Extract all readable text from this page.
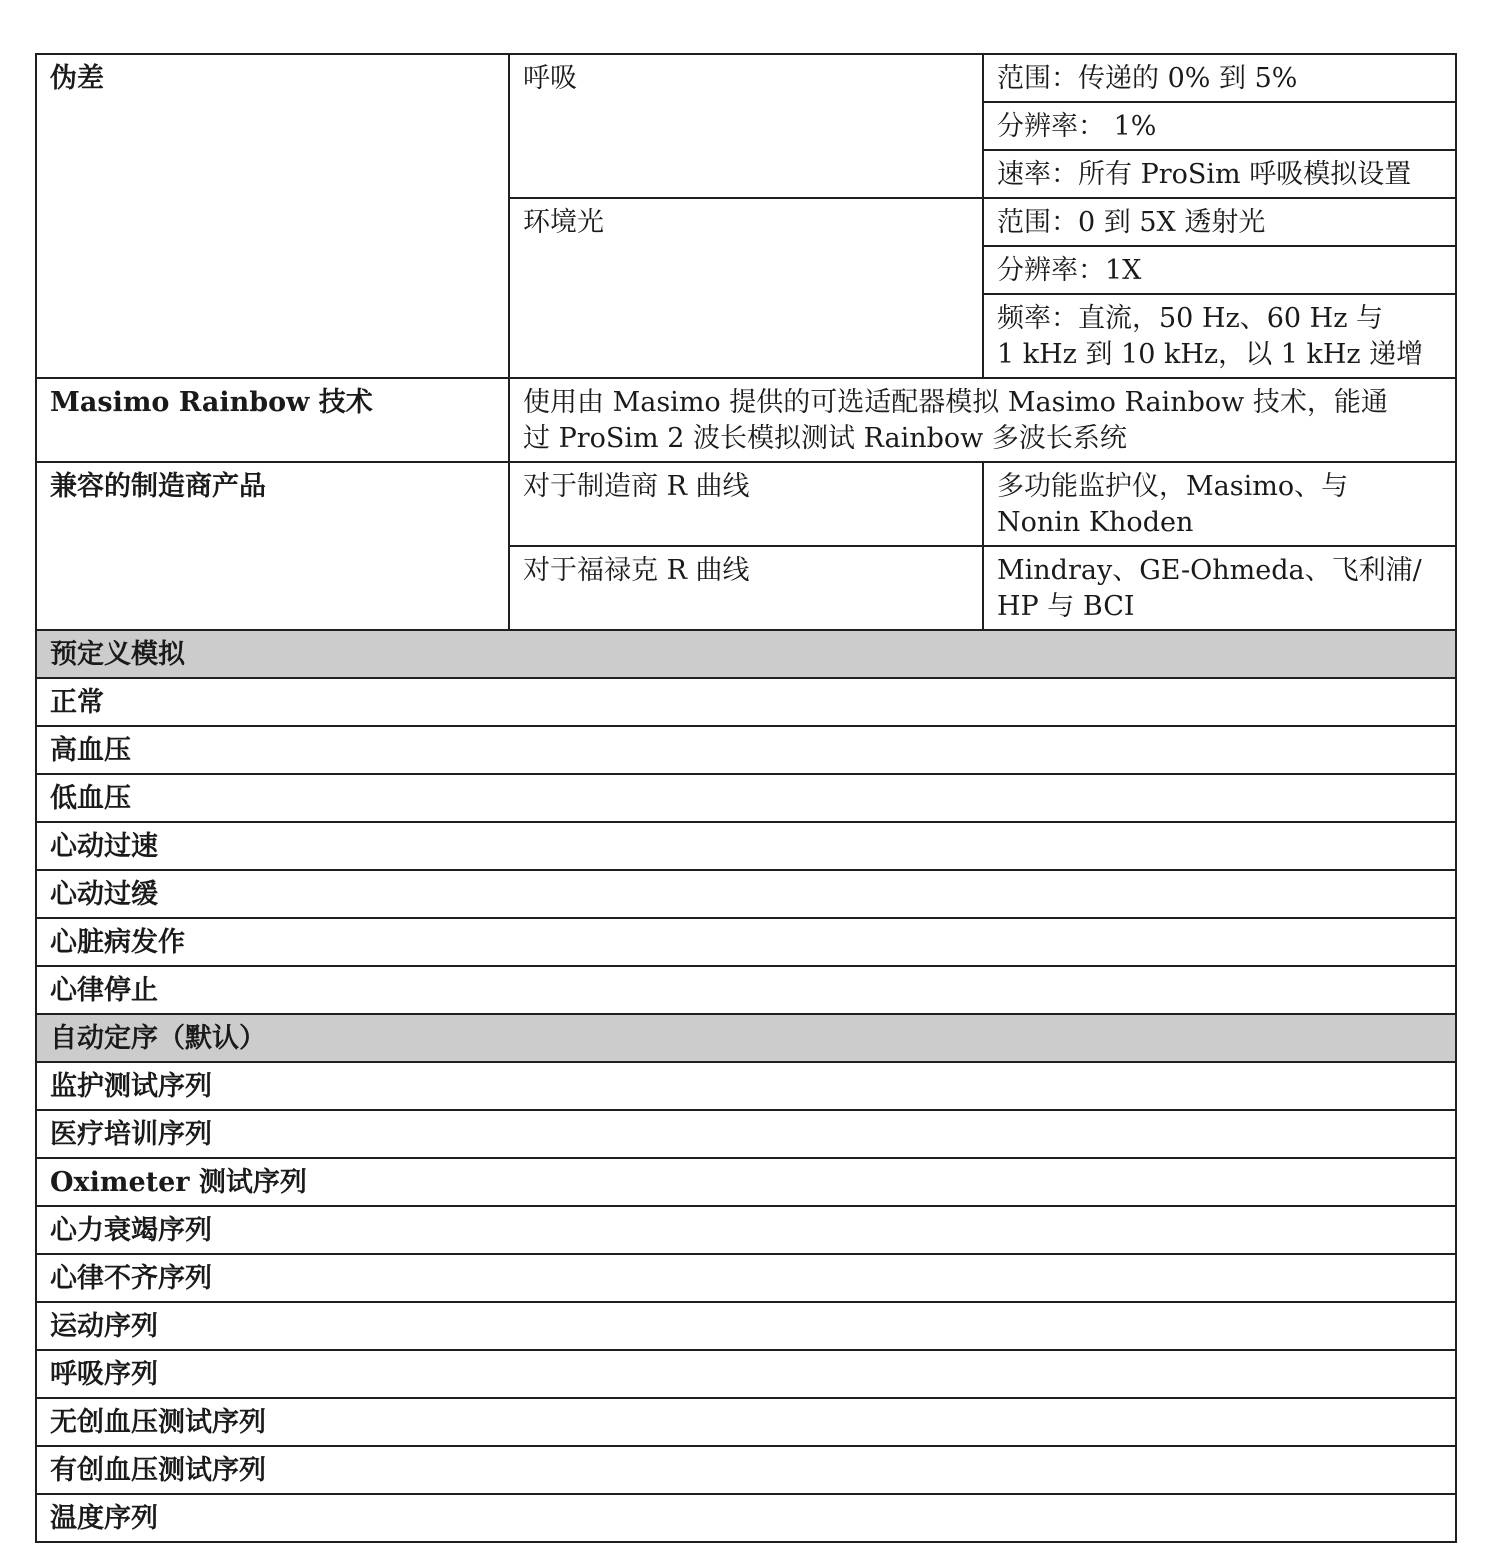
伪差	呼吸	范围：传递的 0% 到 5%
		分辨率： 1%
		速率：所有 ProSim 呼吸模拟设置
	环境光	范围：0 到 5X 透射光
		分辨率：1X
		频率：直流，50 Hz、60 Hz 与
1 kHz 到 10 kHz，以 1 kHz 递增
Masimo Rainbow 技术	使用由 Masimo 提供的可选适配器模拟 Masimo Rainbow 技术，能通
过 ProSim 2 波长模拟测试 Rainbow 多波长系统	
兼容的制造商产品	对于制造商 R 曲线	多功能监护仪，Masimo、与
Nonin Khoden
	对于福禄克 R 曲线	Mindray、GE-Ohmeda、飞利浦/
HP 与 BCI
预定义模拟		
正常		
高血压		
低血压		
心动过速		
心动过缓		
心脏病发作		
心律停止		
自动定序（默认）		
监护测试序列		
医疗培训序列		
Oximeter 测试序列		
心力衰竭序列		
心律不齐序列		
运动序列		
呼吸序列		
无创血压测试序列		
有创血压测试序列		
温度序列		
